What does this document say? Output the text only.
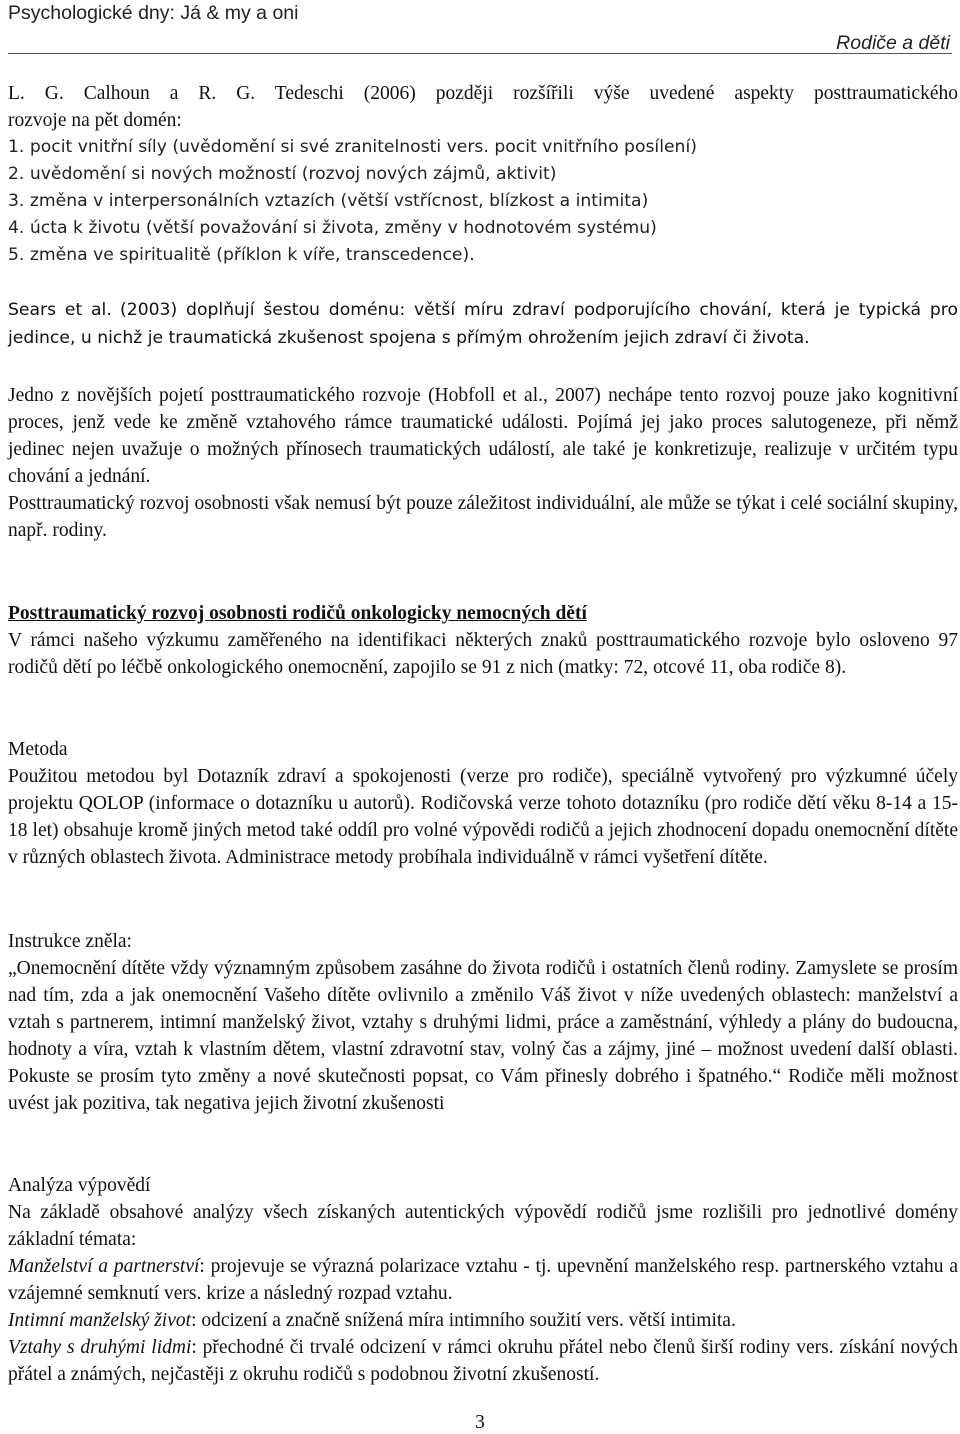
Psychologické dny: Já & my a oni
Rodiče a děti
L. G. Calhoun a R. G. Tedeschi (2006) později rozšířili výše uvedené aspekty posttraumatického
rozvoje na pět domén:
1. pocit vnitřní síly (uvědomění si své zranitelnosti vers. pocit vnitřního posílení)
2. uvědomění si nových možností (rozvoj nových zájmů, aktivit)
3. změna v interpersonálních vztazích (větší vstřícnost, blízkost a intimita)
4. úcta k životu (větší považování si života, změny v hodnotovém systému)
5. změna ve spiritualitě (příklon k víře, transcedence).
Sears et al. (2003) doplňují šestou doménu: větší míru zdraví podporujícího chování, která je typická pro jedince, u nichž je traumatická zkušenost spojena s přímým ohrožením jejich zdraví či života.
Jedno z novějších pojetí posttraumatického rozvoje (Hobfoll et al., 2007) nechápe tento rozvoj pouze jako kognitivní proces, jenž vede ke změně vztahového rámce traumatické události. Pojímá jej jako proces salutogeneze, při němž jedinec nejen uvažuje o možných přínosech traumatických událostí, ale také je konkretizuje, realizuje v určitém typu chování a jednání.
Posttraumatický rozvoj osobnosti však nemusí být pouze záležitost individuální, ale může se týkat i celé sociální skupiny, např. rodiny.
Posttraumatický rozvoj osobnosti rodičů onkologicky nemocných dětí
V rámci našeho výzkumu zaměřeného na identifikaci některých znaků posttraumatického rozvoje bylo osloveno 97 rodičů dětí po léčbě onkologického onemocnění, zapojilo se 91 z nich (matky: 72, otcové 11, oba rodiče 8).
Metoda
Použitou metodou byl Dotazník zdraví a spokojenosti (verze pro rodiče), speciálně vytvořený pro výzkumné účely projektu QOLOP (informace o dotazníku u autorů). Rodičovská verze tohoto dotazníku (pro rodiče dětí věku 8-14 a 15-18 let) obsahuje kromě jiných metod také oddíl pro volné výpovědi rodičů a jejich zhodnocení dopadu onemocnění dítěte v různých oblastech života. Administrace metody probíhala individuálně v rámci vyšetření dítěte.
Instrukce zněla:
„Onemocnění dítěte vždy významným způsobem zasáhne do života rodičů i ostatních členů rodiny. Zamyslete se prosím nad tím, zda a jak onemocnění Vašeho dítěte ovlivnilo a změnilo Váš život v níže uvedených oblastech: manželství a vztah s partnerem, intimní manželský život, vztahy s druhými lidmi, práce a zaměstnání, výhledy a plány do budoucna, hodnoty a víra, vztah k vlastním dětem, vlastní zdravotní stav, volný čas a zájmy, jiné – možnost uvedení další oblasti. Pokuste se prosím tyto změny a nové skutečnosti popsat, co Vám přinesly dobrého i špatného.“ Rodiče měli možnost uvést jak pozitiva, tak negativa jejich životní zkušenosti
Analýza výpovědí
Na základě obsahové analýzy všech získaných autentických výpovědí rodičů jsme rozlišili pro jednotlivé domény základní témata:
Manželství a partnerství: projevuje se výrazná polarizace vztahu - tj. upevnění manželského resp. partnerského vztahu a vzájemné semknutí vers. krize a následný rozpad vztahu.
Intimní manželský život: odcizení a značně snížená míra intimního soužití vers. větší intimita.
Vztahy s druhými lidmi: přechodné či trvalé odcizení v rámci okruhu přátel nebo členů širší rodiny vers. získání nových přátel a známých, nejčastěji z okruhu rodičů s podobnou životní zkušeností.
3
